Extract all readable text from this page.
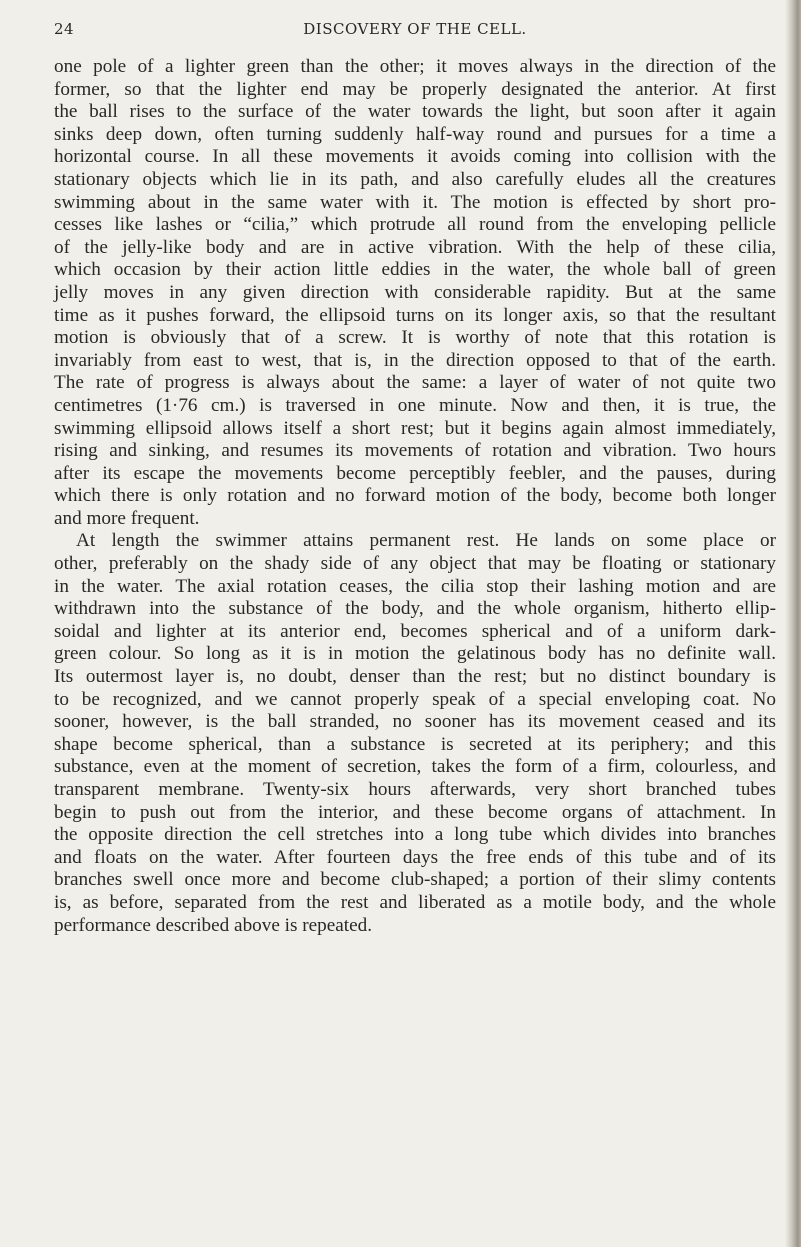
24	DISCOVERY OF THE CELL.
one pole of a lighter green than the other; it moves always in the direction of the
former, so that the lighter end may be properly designated the anterior. At first
the ball rises to the surface of the water towards the light, but soon after it again
sinks deep down, often turning suddenly half-way round and pursues for a time a
horizontal course. In all these movements it avoids coming into collision with the
stationary objects which lie in its path, and also carefully eludes all the creatures
swimming about in the same water with it. The motion is effected by short pro-
cesses like lashes or “cilia,” which protrude all round from the enveloping pellicle
of the jelly-like body and are in active vibration. With the help of these cilia,
which occasion by their action little eddies in the water, the whole ball of green
jelly moves in any given direction with considerable rapidity. But at the same
time as it pushes forward, the ellipsoid turns on its longer axis, so that the resultant
motion is obviously that of a screw. It is worthy of note that this rotation is
invariably from east to west, that is, in the direction opposed to that of the earth.
The rate of progress is always about the same: a layer of water of not quite two
centimetres (1·76 cm.) is traversed in one minute. Now and then, it is true, the
swimming ellipsoid allows itself a short rest; but it begins again almost immediately,
rising and sinking, and resumes its movements of rotation and vibration. Two hours
after its escape the movements become perceptibly feebler, and the pauses, during
which there is only rotation and no forward motion of the body, become both longer
and more frequent.
At length the swimmer attains permanent rest. He lands on some place or
other, preferably on the shady side of any object that may be floating or stationary
in the water. The axial rotation ceases, the cilia stop their lashing motion and are
withdrawn into the substance of the body, and the whole organism, hitherto ellip-
soidal and lighter at its anterior end, becomes spherical and of a uniform dark-
green colour. So long as it is in motion the gelatinous body has no definite wall.
Its outermost layer is, no doubt, denser than the rest; but no distinct boundary is
to be recognized, and we cannot properly speak of a special enveloping coat. No
sooner, however, is the ball stranded, no sooner has its movement ceased and its
shape become spherical, than a substance is secreted at its periphery; and this
substance, even at the moment of secretion, takes the form of a firm, colourless, and
transparent membrane. Twenty-six hours afterwards, very short branched tubes
begin to push out from the interior, and these become organs of attachment. In
the opposite direction the cell stretches into a long tube which divides into branches
and floats on the water. After fourteen days the free ends of this tube and of its
branches swell once more and become club-shaped; a portion of their slimy contents
is, as before, separated from the rest and liberated as a motile body, and the whole
performance described above is repeated.
